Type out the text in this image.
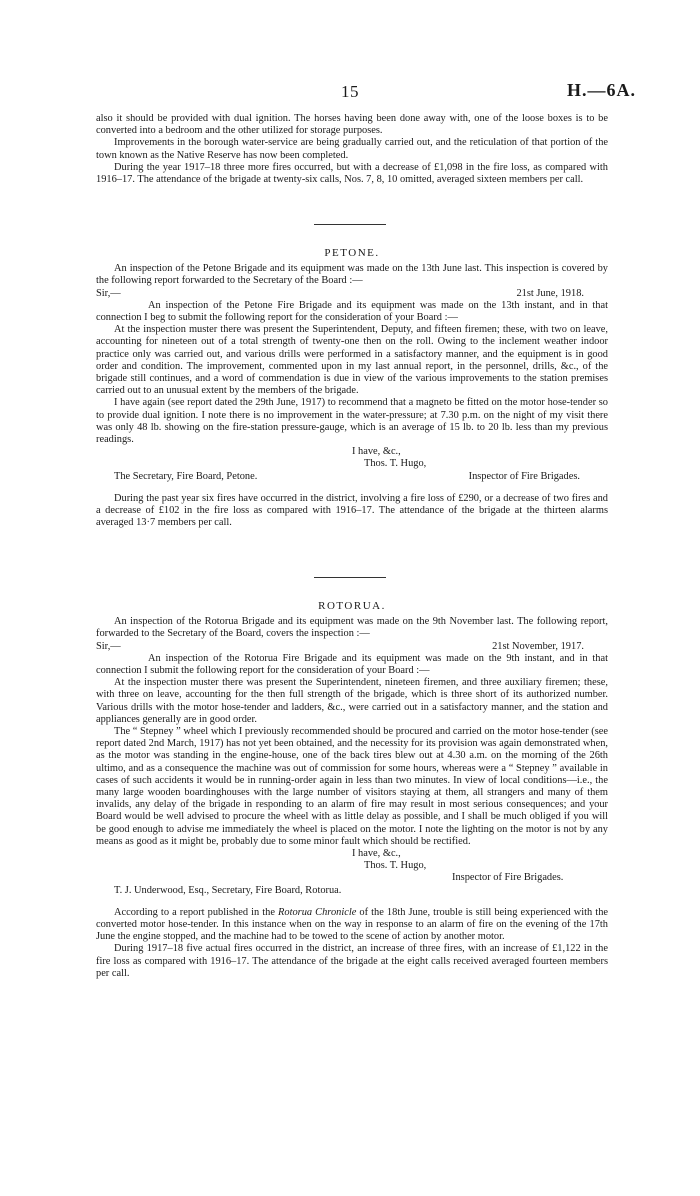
15	H.—6A.

also it should be provided with dual ignition. The horses having been done away with, one of the loose boxes is to be converted into a bedroom and the other utilized for storage purposes.

Improvements in the borough water-service are being gradually carried out, and the reticulation of that portion of the town known as the Native Reserve has now been completed.

During the year 1917–18 three more fires occurred, but with a decrease of £1,098 in the fire loss, as compared with 1916–17. The attendance of the brigade at twenty-six calls, Nos. 7, 8, 10 omitted, averaged sixteen members per call.

PETONE.

An inspection of the Petone Brigade and its equipment was made on the 13th June last. This inspection is covered by the following report forwarded to the Secretary of the Board :—

Sir,—	21st June, 1918.

An inspection of the Petone Fire Brigade and its equipment was made on the 13th instant, and in that connection I beg to submit the following report for the consideration of your Board :—

At the inspection muster there was present the Superintendent, Deputy, and fifteen firemen; these, with two on leave, accounting for nineteen out of a total strength of twenty-one then on the roll. Owing to the inclement weather indoor practice only was carried out, and various drills were performed in a satisfactory manner, and the equipment is in good order and condition. The improvement, commented upon in my last annual report, in the personnel, drills, &c., of the brigade still continues, and a word of commendation is due in view of the various improvements to the station premises carried out to an unusual extent by the members of the brigade.

I have again (see report dated the 29th June, 1917) to recommend that a magneto be fitted on the motor hose-tender so to provide dual ignition. I note there is no improvement in the water-pressure; at 7.30 p.m. on the night of my visit there was only 48 lb. showing on the fire-station pressure-gauge, which is an average of 15 lb. to 20 lb. less than my previous readings.

I have, &c.,

Thos. T. Hugo,

The Secretary, Fire Board, Petone.	Inspector of Fire Brigades.

During the past year six fires have occurred in the district, involving a fire loss of £290, or a decrease of two fires and a decrease of £102 in the fire loss as compared with 1916–17. The attendance of the brigade at the thirteen alarms averaged 13·7 members per call.

ROTORUA.

An inspection of the Rotorua Brigade and its equipment was made on the 9th November last. The following report, forwarded to the Secretary of the Board, covers the inspection :—

Sir,—	21st November, 1917.

An inspection of the Rotorua Fire Brigade and its equipment was made on the 9th instant, and in that connection I submit the following report for the consideration of your Board :—

At the inspection muster there was present the Superintendent, nineteen firemen, and three auxiliary firemen; these, with three on leave, accounting for the then full strength of the brigade, which is three short of its authorized number. Various drills with the motor hose-tender and ladders, &c., were carried out in a satisfactory manner, and the station and appliances generally are in good order.

The “ Stepney ” wheel which I previously recommended should be procured and carried on the motor hose-tender (see report dated 2nd March, 1917) has not yet been obtained, and the necessity for its provision was again demonstrated when, as the motor was standing in the engine-house, one of the back tires blew out at 4.30 a.m. on the morning of the 26th ultimo, and as a consequence the machine was out of commission for some hours, whereas were a “ Stepney ” available in cases of such accidents it would be in running-order again in less than two minutes. In view of local conditions—i.e., the many large wooden boardinghouses with the large number of visitors staying at them, all strangers and many of them invalids, any delay of the brigade in responding to an alarm of fire may result in most serious consequences; and your Board would be well advised to procure the wheel with as little delay as possible, and I shall be much obliged if you will be good enough to advise me immediately the wheel is placed on the motor. I note the lighting on the motor is not by any means as good as it might be, probably due to some minor fault which should be rectified.

I have, &c.,

Thos. T. Hugo,

Inspector of Fire Brigades.

T. J. Underwood, Esq., Secretary, Fire Board, Rotorua.

According to a report published in the Rotorua Chronicle of the 18th June, trouble is still being experienced with the converted motor hose-tender. In this instance when on the way in response to an alarm of fire on the evening of the 17th June the engine stopped, and the machine had to be towed to the scene of action by another motor.

During 1917–18 five actual fires occurred in the district, an increase of three fires, with an increase of £1,122 in the fire loss as compared with 1916–17. The attendance of the brigade at the eight calls received averaged fourteen members per call.
